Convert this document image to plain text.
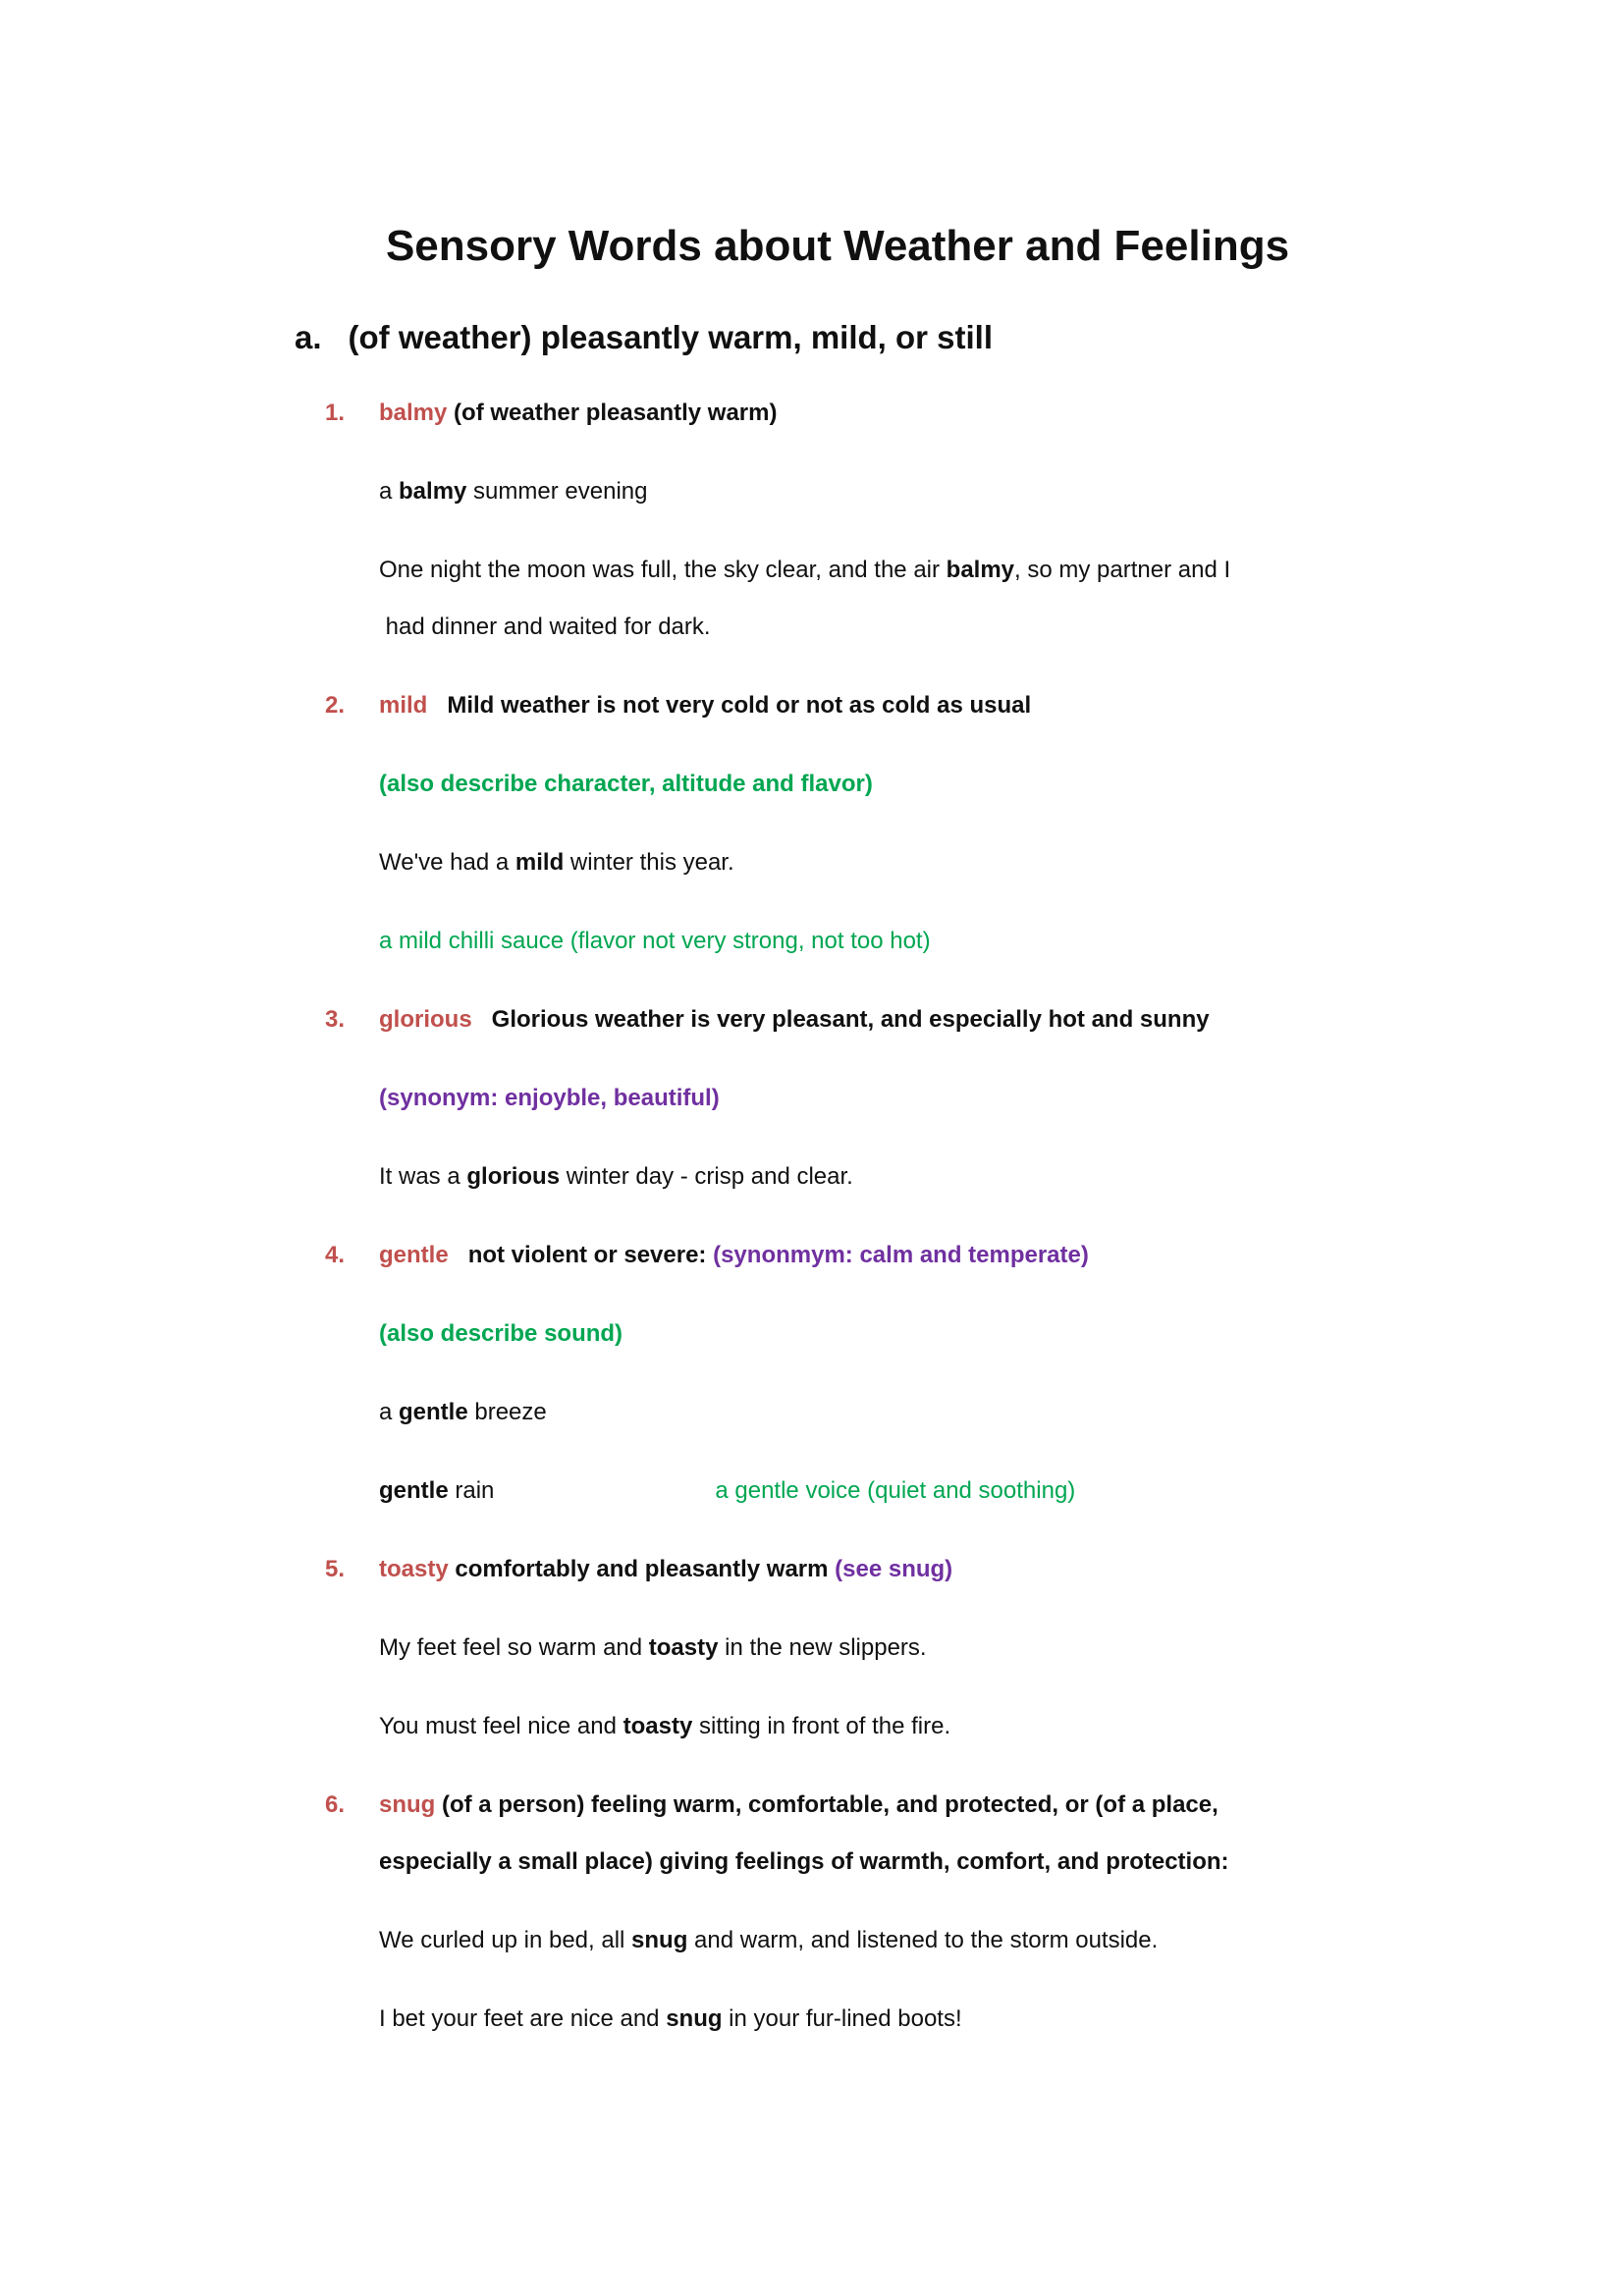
Sensory Words about Weather and Feelings
a. (of weather) pleasantly warm, mild, or still
1. balmy (of weather pleasantly warm)
a balmy summer evening
One night the moon was full, the sky clear, and the air balmy, so my partner and I
had dinner and waited for dark.
2. mild   Mild weather is not very cold or not as cold as usual
(also describe character, altitude and flavor)
We've had a mild winter this year.
a mild chilli sauce (flavor not very strong, not too hot)
3. glorious   Glorious weather is very pleasant, and especially hot and sunny
(synonym: enjoyble, beautiful)
It was a glorious winter day - crisp and clear.
4. gentle   not violent or severe: (synonmym: calm and temperate)
(also describe sound)
a gentle breeze
gentle rain	a gentle voice (quiet and soothing)
5. toasty comfortably and pleasantly warm (see snug)
My feet feel so warm and toasty in the new slippers.
You must feel nice and toasty sitting in front of the fire.
6. snug (of a person) feeling warm, comfortable, and protected, or (of a place,
especially a small place) giving feelings of warmth, comfort, and protection:
We curled up in bed, all snug and warm, and listened to the storm outside.
I bet your feet are nice and snug in your fur-lined boots!
